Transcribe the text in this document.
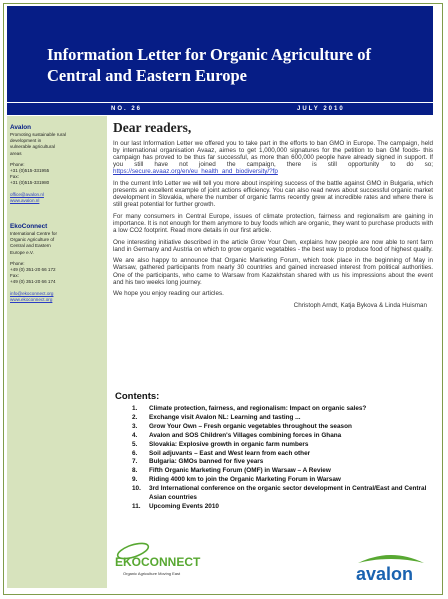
Information Letter for Organic Agriculture of Central and Eastern Europe
NO. 26	JULY 2010
Avalon
Promoting sustainable rural
development in
vulnerable agricultural
areas
Phone:
+31 (0)515-331955
Fax:
+31 (0)515-331980
office@avalon.nl
www.avalon.nl
EkoConnect
International Centre for
Organic Agriculture of
Central and Eastern
Europe e.V.
Phone:
+49 (0) 351-20 66 172
Fax:
+49 (0) 351-20 66 174
info@ekoconnect.org
www.ekoconnect.org
Dear readers,

In our last Information Letter we offered you to take part in the efforts to ban GMO in Europe. The campaign, held by international organisation Avaaz, aimes to get 1,000,000 signatures for the petition to ban GM foods- this campaign has proved to be thus far successful, as more than 600,000 people have already signed in support. If you still have not joined the campaign, there is still opportunity to do so; https://secure.avaaz.org/en/eu_health_and_biodiversity/?fp

In the current Info Letter we will tell you more about inspiring success of the battle against GMO in Bulgaria, which presents an excellent example of joint actions efficiency. You can also read news about successful organic market development in Slovakia, where the number of organic farms recently grew at incredible rates and where there is still great potential for further growth.

For many consumers in Central Europe, issues of climate protection, fairness and regionalism are gaining in importance. It is not enough for them anymore to buy foods which are organic, they want to purchase products with a low CO2 footprint. Read more details in our first article.

One interesting initiative described in the article Grow Your Own, explains how people are now able to rent farm land in Germany and Austria on which to grow organic vegetables - the best way to produce food of highest quality.

We are also happy to announce that Organic Marketing Forum, which took place in the beginning of May in Warsaw, gathered participants from nearly 30 countries and gained increased interest from political authorities. One of the participants, who came to Warsaw from Kazakhstan shared with us his impressions about the event and his two weeks long journey.

We hope you enjoy reading our articles.

Christoph Arndt, Katja Bykova & Linda Huisman
Contents:
1. Climate protection, fairness, and regionalism: Impact on organic sales?
2. Exchange visit Avalon NL: Learning and tasting ...
3. Grow Your Own – Fresh organic vegetables throughout the season
4. Avalon and SOS Children's Villages combining forces in Ghana
5. Slovakia: Explosive growth in organic farm numbers
6. Soil adjuvants – East and West learn from each other
7. Bulgaria: GMOs banned for five years
8. Fifth Organic Marketing Forum (OMF) in Warsaw – A Review
9. Riding 4000 km to join the Organic Marketing Forum in Warsaw
10. 3rd International conference on the organic sector development in Central/East and Central Asian countries
11. Upcoming Events 2010
EKOCONNECT
Organic Agriculture Moving East	avalon
